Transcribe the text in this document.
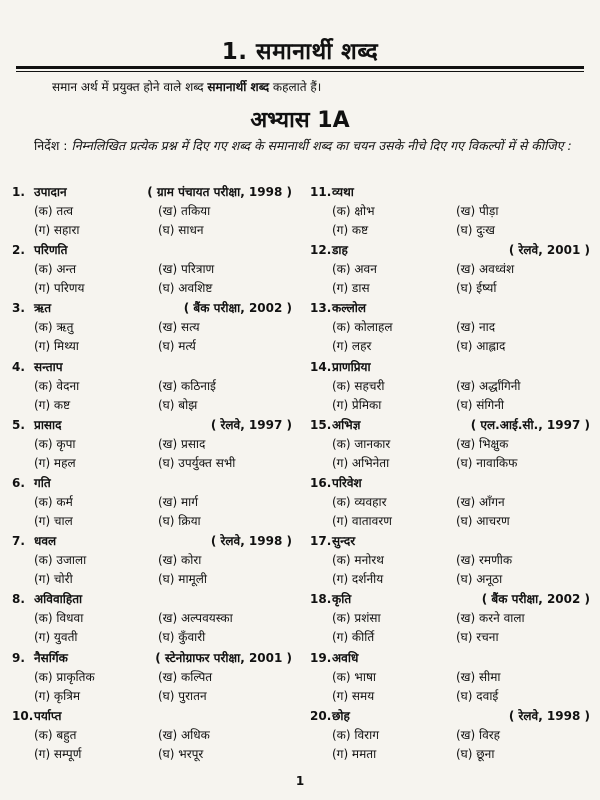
1. समानार्थी शब्द
समान अर्थ में प्रयुक्त होने वाले शब्द समानार्थी शब्द कहलाते हैं।
अभ्यास 1A
निर्देश : निम्नलिखित प्रत्येक प्रश्न में दिए गए शब्द के समानार्थी शब्द का चयन उसके नीचे दिए गए विकल्पों में से कीजिए :
1. उपादान	( ग्राम पंचायत परीक्षा, 1998 )
(क) तत्व	(ख) तकिया
(ग) सहारा	(घ) साधन
2. परिणति
(क) अन्त	(ख) परित्राण
(ग) परिणय	(घ) अवशिष्ट
3. ऋत	( बैंक परीक्षा, 2002 )
(क) ऋतु	(ख) सत्य
(ग) मिथ्या	(घ) मर्त्य
4. सन्ताप
(क) वेदना	(ख) कठिनाई
(ग) कष्ट	(घ) बोझ
5. प्रासाद	( रेलवे, 1997 )
(क) कृपा	(ख) प्रसाद
(ग) महल	(घ) उपर्युक्त सभी
6. गति
(क) कर्म	(ख) मार्ग
(ग) चाल	(घ) क्रिया
7. धवल	( रेलवे, 1998 )
(क) उजाला	(ख) कोरा
(ग) चोरी	(घ) मामूली
8. अविवाहिता
(क) विधवा	(ख) अल्पवयस्का
(ग) युवती	(घ) कुँवारी
9. नैसर्गिक	( स्टेनोग्राफर परीक्षा, 2001 )
(क) प्राकृतिक	(ख) कल्पित
(ग) कृत्रिम	(घ) पुरातन
10. पर्याप्त
(क) बहुत	(ख) अधिक
(ग) सम्पूर्ण	(घ) भरपूर
11. व्यथा
(क) क्षोभ	(ख) पीड़ा
(ग) कष्ट	(घ) दुःख
12. डाह	( रेलवे, 2001 )
(क) अवन	(ख) अवध्वंश
(ग) डास	(घ) ईर्ष्या
13. कल्लोल
(क) कोलाहल	(ख) नाद
(ग) लहर	(घ) आह्लाद
14. प्राणप्रिया
(क) सहचरी	(ख) अर्द्धांगिनी
(ग) प्रेमिका	(घ) संगिनी
15. अभिज्ञ	( एल.आई.सी., 1997 )
(क) जानकार	(ख) भिक्षुक
(ग) अभिनेता	(घ) नावाकिफ
16. परिवेश
(क) व्यवहार	(ख) आँगन
(ग) वातावरण	(घ) आचरण
17. सुन्दर
(क) मनोरथ	(ख) रमणीक
(ग) दर्शनीय	(घ) अनूठा
18. कृति	( बैंक परीक्षा, 2002 )
(क) प्रशंसा	(ख) करने वाला
(ग) कीर्ति	(घ) रचना
19. अवधि
(क) भाषा	(ख) सीमा
(ग) समय	(घ) दवाई
20. छोह	( रेलवे, 1998 )
(क) विराग	(ख) विरह
(ग) ममता	(घ) छूना
1
